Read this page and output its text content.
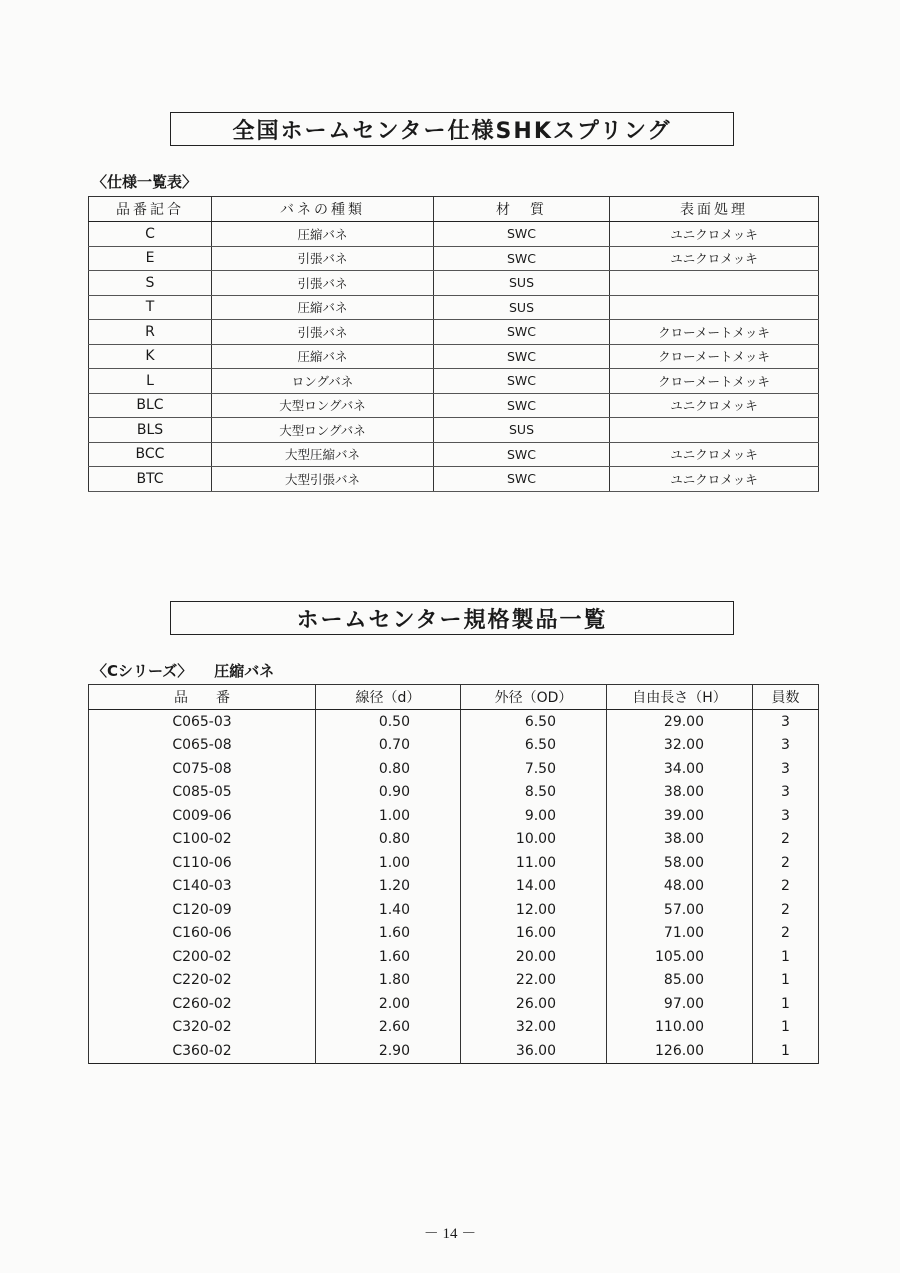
全国ホームセンター仕様SHKスプリング
〈仕様一覧表〉
品番記合	バネの種類	材　質	表面処理
C	圧縮バネ	SWC	ユニクロメッキ
E	引張バネ	SWC	ユニクロメッキ
S	引張バネ	SUS	
T	圧縮バネ	SUS	
R	引張バネ	SWC	クローメートメッキ
K	圧縮バネ	SWC	クローメートメッキ
L	ロングバネ	SWC	クローメートメッキ
BLC	大型ロングバネ	SWC	ユニクロメッキ
BLS	大型ロングバネ	SUS	
BCC	大型圧縮バネ	SWC	ユニクロメッキ
BTC	大型引張バネ	SWC	ユニクロメッキ
ホームセンター規格製品一覧
〈Cシリーズ〉 圧縮バネ
品　　番	線径（d）	外径（OD）	自由長さ（H）	員数
C065-03	0.50	6.50	29.00	3
C065-08	0.70	6.50	32.00	3
C075-08	0.80	7.50	34.00	3
C085-05	0.90	8.50	38.00	3
C009-06	1.00	9.00	39.00	3
C100-02	0.80	10.00	38.00	2
C110-06	1.00	11.00	58.00	2
C140-03	1.20	14.00	48.00	2
C120-09	1.40	12.00	57.00	2
C160-06	1.60	16.00	71.00	2
C200-02	1.60	20.00	105.00	1
C220-02	1.80	22.00	85.00	1
C260-02	2.00	26.00	97.00	1
C320-02	2.60	32.00	110.00	1
C360-02	2.90	36.00	126.00	1
－ 14 －
